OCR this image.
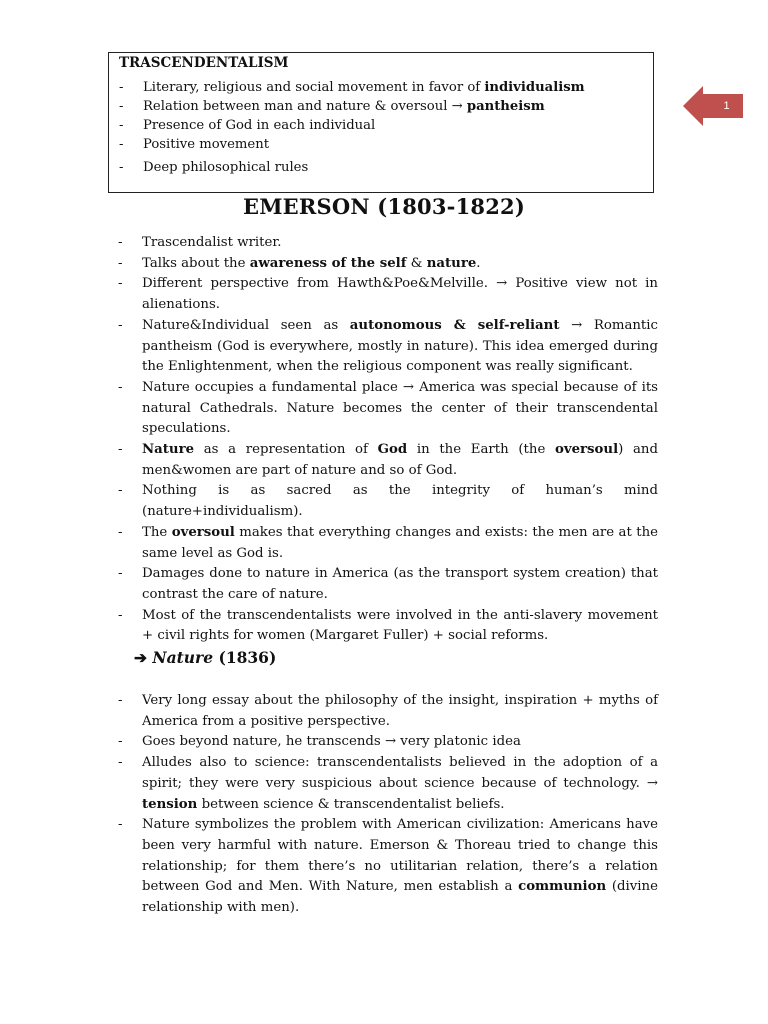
TRASCENDENTALISM
- Literary, religious and social movement in favor of individualism
- Relation between man and nature & oversoul → pantheism
- Presence of God in each individual
- Positive movement
- Deep philosophical rules
1
EMERSON (1803-1822)
- Trascendalist writer.
- Talks about the awareness of the self & nature.
- Different perspective from Hawth&Poe&Melville. → Positive view not in alienations.
- Nature&Individual seen as autonomous & self-reliant → Romantic pantheism (God is everywhere, mostly in nature). This idea emerged during the Enlightenment, when the religious component was really significant.
- Nature occupies a fundamental place → America was special because of its natural Cathedrals. Nature becomes the center of their transcendental speculations.
- Nature as a representation of God in the Earth (the oversoul) and men&women are part of nature and so of God.
- Nothing is as sacred as the integrity of human’s mind (nature+individualism).
- The oversoul makes that everything changes and exists: the men are at the same level as God is.
- Damages done to nature in America (as the transport system creation) that contrast the care of nature.
- Most of the transcendentalists were involved in the anti-slavery movement + civil rights for women (Margaret Fuller) + social reforms.
➔ Nature (1836)
- Very long essay about the philosophy of the insight, inspiration + myths of America from a positive perspective.
- Goes beyond nature, he transcends → very platonic idea
- Alludes also to science: transcendentalists believed in the adoption of a spirit; they were very suspicious about science because of technology. → tension between science & transcendentalist beliefs.
- Nature symbolizes the problem with American civilization: Americans have been very harmful with nature. Emerson & Thoreau tried to change this relationship; for them there’s no utilitarian relation, there’s a relation between God and Men. With Nature, men establish a communion (divine relationship with men).
